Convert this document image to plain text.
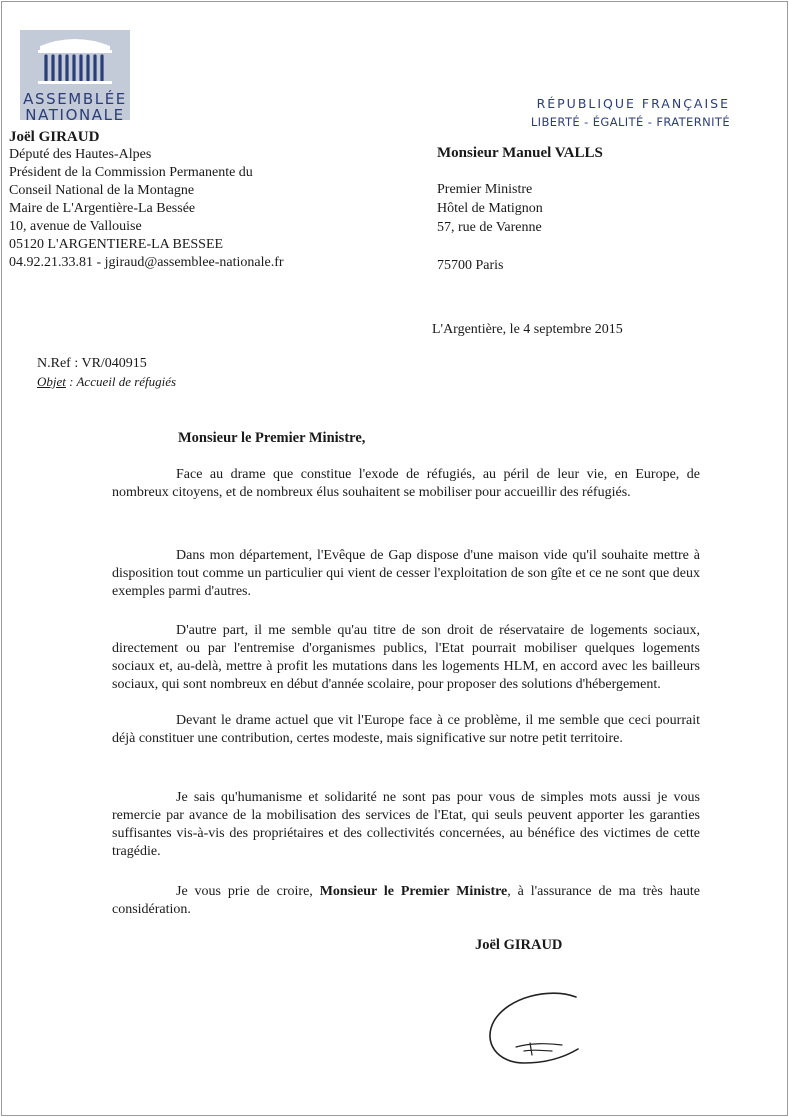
ASSEMBLÉE
NATIONALE
RÉPUBLIQUE FRANÇAISE
LIBERTÉ - ÉGALITÉ - FRATERNITÉ
Joël GIRAUD
Député des Hautes-Alpes
Président de la Commission Permanente du
Conseil National de la Montagne
Maire de L'Argentière-La Bessée
10, avenue de Vallouise
05120 L'ARGENTIERE-LA BESSEE
04.92.21.33.81 - jgiraud@assemblee-nationale.fr
Monsieur Manuel VALLS
Premier Ministre
Hôtel de Matignon
57, rue de Varenne
75700 Paris
L'Argentière, le 4 septembre 2015
N.Ref : VR/040915
Objet : Accueil de réfugiés
Monsieur le Premier Ministre,

Face au drame que constitue l'exode de réfugiés, au péril de leur vie, en Europe, de nombreux citoyens, et de nombreux élus souhaitent se mobiliser pour accueillir des réfugiés.

Dans mon département, l'Evêque de Gap dispose d'une maison vide qu'il souhaite mettre à disposition tout comme un particulier qui vient de cesser l'exploitation de son gîte et ce ne sont que deux exemples parmi d'autres.

D'autre part, il me semble qu'au titre de son droit de réservataire de logements sociaux, directement ou par l'entremise d'organismes publics, l'Etat pourrait mobiliser quelques logements sociaux et, au-delà, mettre à profit les mutations dans les logements HLM, en accord avec les bailleurs sociaux, qui sont nombreux en début d'année scolaire, pour proposer des solutions d'hébergement.

Devant le drame actuel que vit l'Europe face à ce problème, il me semble que ceci pourrait déjà constituer une contribution, certes modeste, mais significative sur notre petit territoire.

Je sais qu'humanisme et solidarité ne sont pas pour vous de simples mots aussi je vous remercie par avance de la mobilisation des services de l'Etat, qui seuls peuvent apporter les garanties suffisantes vis-à-vis des propriétaires et des collectivités concernées, au bénéfice des victimes de cette tragédie.

Je vous prie de croire, Monsieur le Premier Ministre, à l'assurance de ma très haute considération.

Joël GIRAUD
